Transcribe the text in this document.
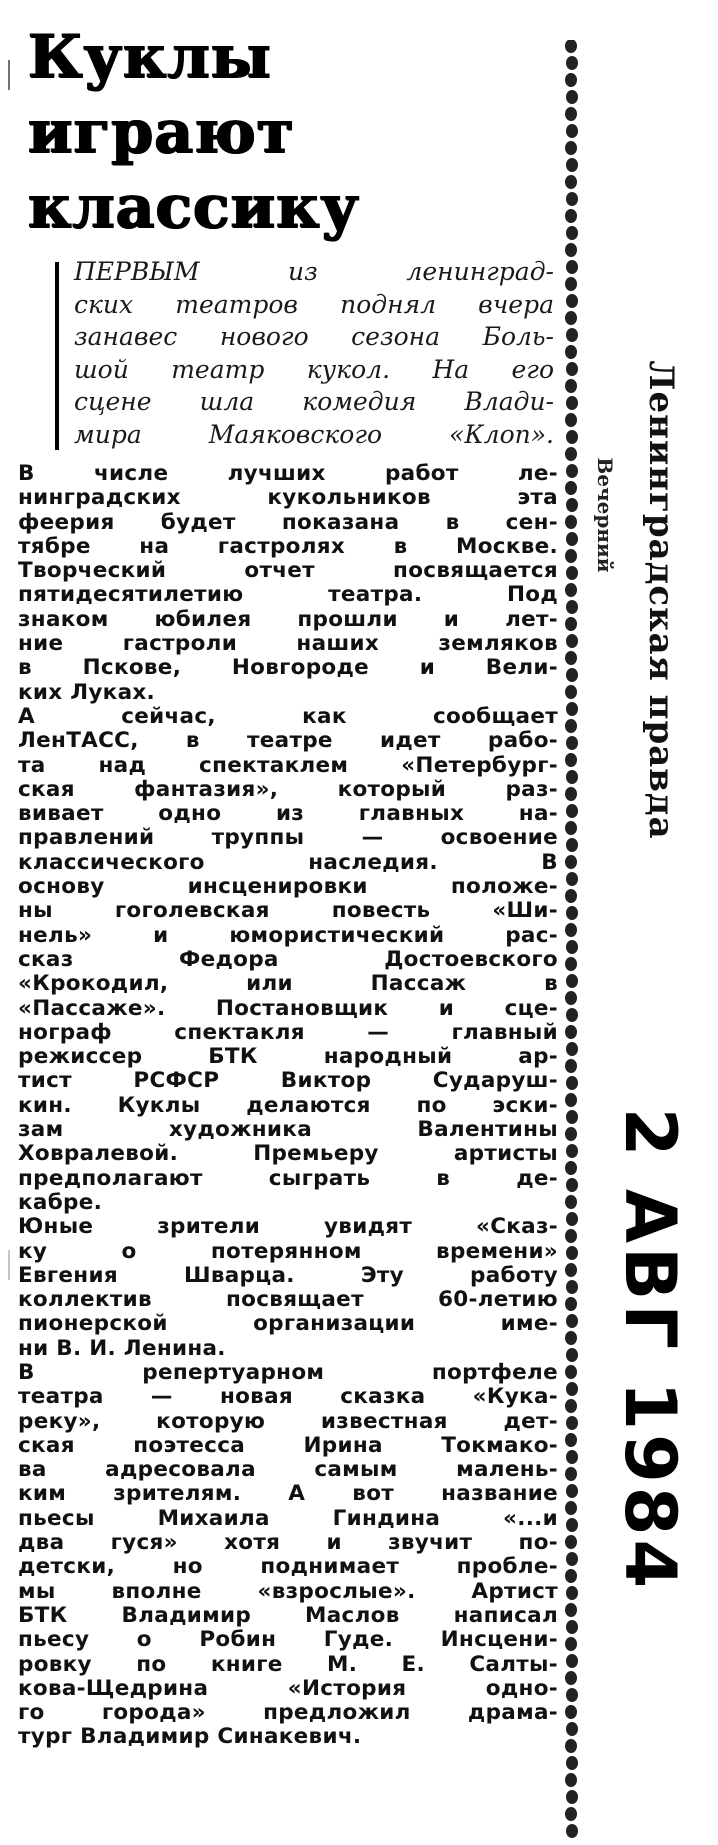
Куклы
играют
классику
ПЕРВЫМ из ленинград-
ских театров поднял вчера
занавес нового сезона Боль-
шой театр кукол. На его
сцене шла комедия Влади-
мира Маяковского «Клоп».
В числе лучших работ ле-
нинградских кукольников эта
феерия будет показана в сен-
тябре на гастролях в Москве.
Творческий отчет посвящается
пятидесятилетию театра. Под
знаком юбилея прошли и лет-
ние гастроли наших земляков
в Пскове, Новгороде и Вели-
ких Луках.
А сейчас, как сообщает
ЛенТАСС, в театре идет рабо-
та над спектаклем «Петербург-
ская фантазия», который раз-
вивает одно из главных на-
правлений труппы — освоение
классического наследия. В
основу инсценировки положе-
ны гоголевская повесть «Ши-
нель» и юмористический рас-
сказ Федора Достоевского
«Крокодил, или Пассаж в
«Пассаже». Постановщик и сце-
нограф спектакля — главный
режиссер БТК народный ар-
тист РСФСР Виктор Сударуш-
кин. Куклы делаются по эски-
зам художника Валентины
Ховралевой. Премьеру артисты
предполагают сыграть в де-
кабре.
Юные зрители увидят «Сказ-
ку о потерянном времени»
Евгения Шварца. Эту работу
коллектив посвящает 60-летию
пионерской организации име-
ни В. И. Ленина.
В репертуарном портфеле
театра — новая сказка «Кука-
реку», которую известная дет-
ская поэтесса Ирина Токмако-
ва адресовала самым малень-
ким зрителям. А вот название
пьесы Михаила Гиндина «...и
два гуся» хотя и звучит по-
детски, но поднимает пробле-
мы вполне «взрослые». Артист
БТК Владимир Маслов написал
пьесу о Робин Гуде. Инсцени-
ровку по книге М. Е. Салты-
кова-Щедрина «История одно-
го города» предложил драма-
тург Владимир Синакевич.
Вечерний Ленинградская правда
2 АВГ 1984
